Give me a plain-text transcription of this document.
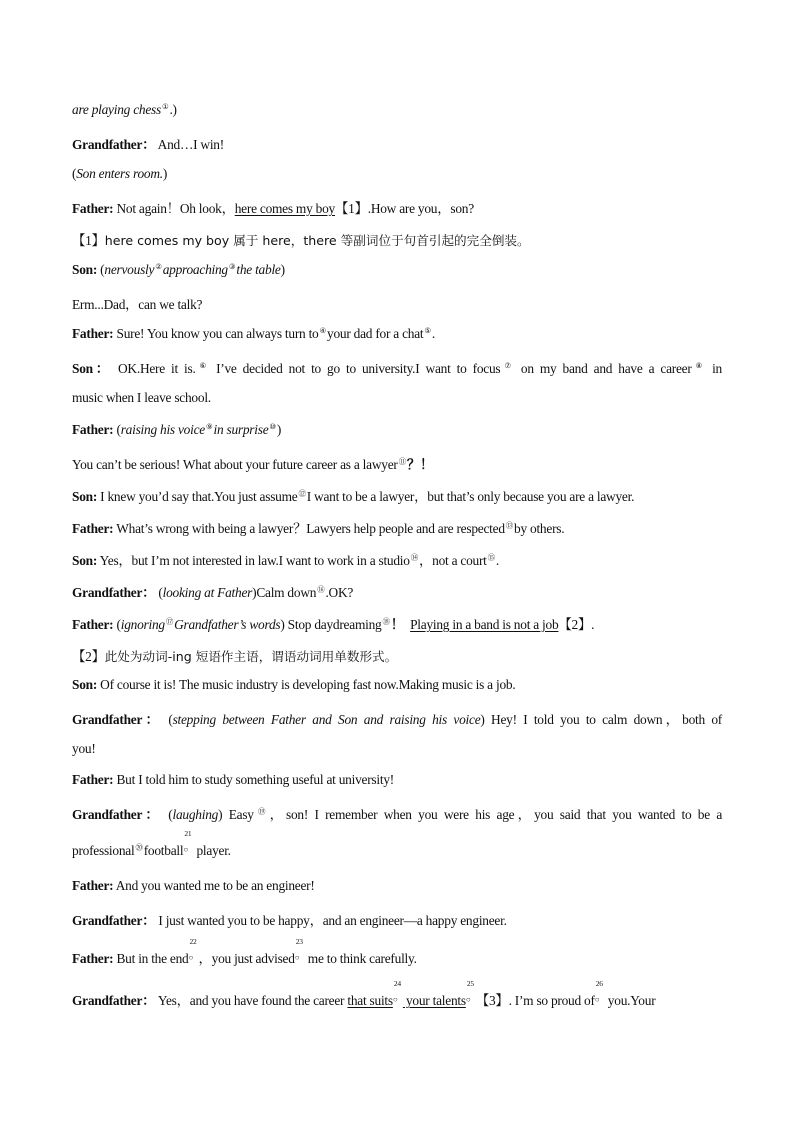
are playing chess①.)
Grandfather： And…I win!
(Son enters room.)
Father: Not again！Oh look，here comes my boy【1】.How are you，son?
【1】here comes my boy 属于 here，there 等副词位于句首引起的完全倒装。
Son: (nervously②approaching③the table)
Erm...Dad，can we talk?
Father: Sure! You know you can always turn to④your dad for a chat⑤.
Son： OK.Here it is.⑥ I’ve decided not to go to university.I want to focus⑦ on my band and have a career⑧ in
music when I leave school.
Father: (raising his voice⑨in surprise⑩)
You can’t be serious! What about your future career as a lawyer⑪？！
Son: I knew you’d say that.You just assume⑫I want to be a lawyer，but that’s only because you are a lawyer.
Father: What’s wrong with being a lawyer？Lawyers help people and are respected⑬by others.
Son: Yes，but I’m not interested in law.I want to work in a studio⑭，not a court⑮.
Grandfather： (looking at Father)Calm down⑯.OK?
Father: (ignoring⑰Grandfather’s words) Stop daydreaming⑱！ Playing in a band is not a job【2】.
【2】此处为动词-ing 短语作主语，谓语动词用单数形式。
Son: Of course it is! The music industry is developing fast now.Making music is a job.
Grandfather： (stepping between Father and Son and raising his voice) Hey! I told you to calm down，both of
you!
Father: But I told him to study something useful at university!
Grandfather： (laughing) Easy⑲，son! I remember when you were his age，you said that you wanted to be a
professional⑳football
21
○ player.
Father: And you wanted me to be an engineer!
Grandfather： I just wanted you to be happy，and an engineer—a happy engineer.
Father: But in the end
22
○ ，you just advised
23
○ me to think carefully.
Grandfather： Yes，and you have found the career that suits
24
○ your talents
25
○ 【3】. I’m so proud of
26
○ you.Your
